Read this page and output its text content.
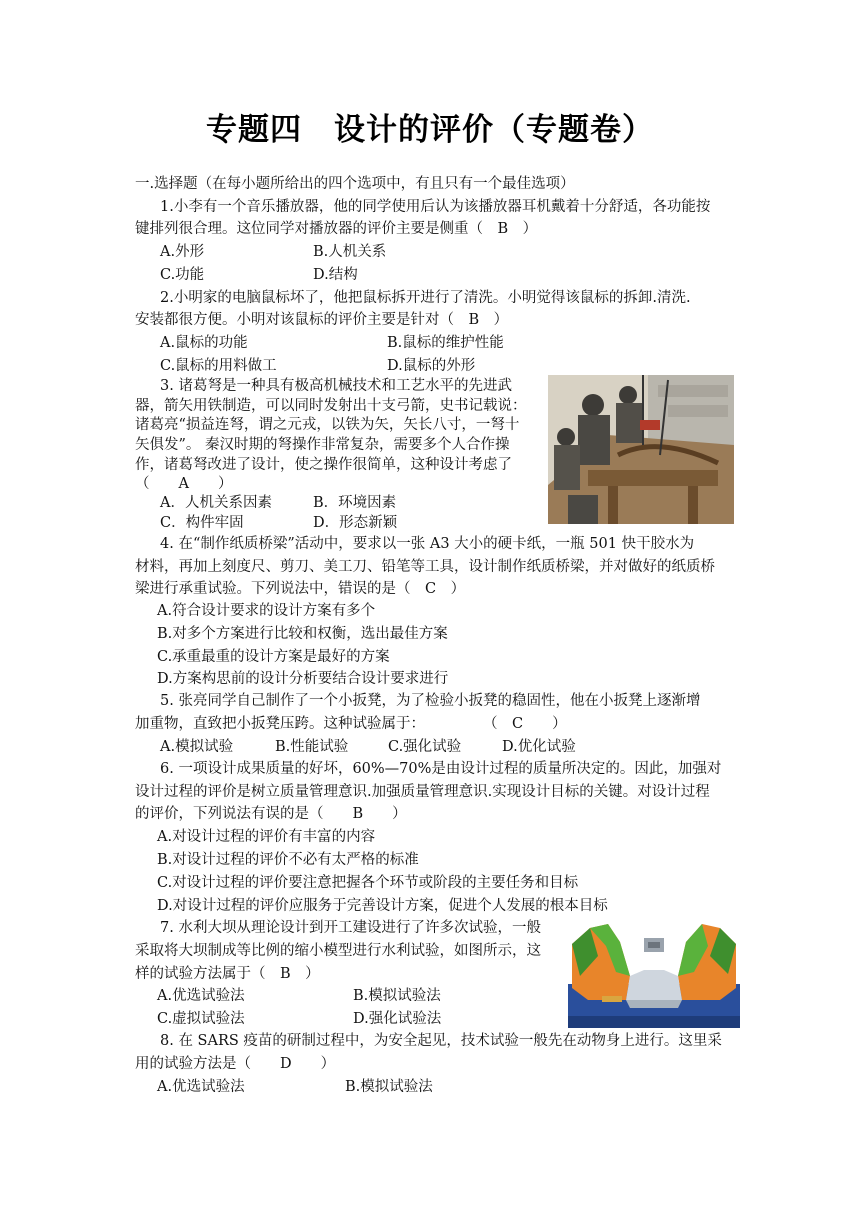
专题四　设计的评价（专题卷）
一.选择题（在每小题所给出的四个选项中，有且只有一个最佳选项）
1.小李有一个音乐播放器，他的同学使用后认为该播放器耳机戴着十分舒适，各功能按
键排列很合理。这位同学对播放器的评价主要是侧重（　B　）
A.外形	B.人机关系
C.功能	D.结构
2.小明家的电脑鼠标坏了，他把鼠标拆开进行了清洗。小明觉得该鼠标的拆卸.清洗.
安装都很方便。小明对该鼠标的评价主要是针对（　B　）
A.鼠标的功能	B.鼠标的维护性能
C.鼠标的用料做工	D.鼠标的外形
3. 诸葛弩是一种具有极高机械技术和工艺水平的先进武
器，箭矢用铁制造，可以同时发射出十支弓箭，史书记载说：
诸葛亮“损益连弩，谓之元戎，以铁为矢，矢长八寸，一弩十
矢俱发”。 秦汉时期的弩操作非常复杂，需要多个人合作操
作，诸葛弩改进了设计，使之操作很简单，这种设计考虑了
（　　A　　）
A．人机关系因素	B．环境因素
C．构件牢固	D．形态新颖
4. 在“制作纸质桥梁”活动中，要求以一张 A3 大小的硬卡纸，一瓶 501 快干胶水为
材料，再加上刻度尺、剪刀、美工刀、铅笔等工具，设计制作纸质桥梁，并对做好的纸质桥
梁进行承重试验。下列说法中，错误的是（　C　）
A.符合设计要求的设计方案有多个
B.对多个方案进行比较和权衡，选出最佳方案
C.承重最重的设计方案是最好的方案
D.方案构思前的设计分析要结合设计要求进行
5. 张亮同学自己制作了一个小扳凳，为了检验小扳凳的稳固性，他在小扳凳上逐渐增
加重物，直致把小扳凳压跨。这种试验属于：　　　　　（　C　　）
A.模拟试验	B.性能试验	C.强化试验	D.优化试验
6. 一项设计成果质量的好坏，60%—70%是由设计过程的质量所决定的。因此，加强对
设计过程的评价是树立质量管理意识.加强质量管理意识.实现设计目标的关键。对设计过程
的评价，下列说法有误的是（　　B　　）
A.对设计过程的评价有丰富的内容
B.对设计过程的评价不必有太严格的标准
C.对设计过程的评价要注意把握各个环节或阶段的主要任务和目标
D.对设计过程的评价应服务于完善设计方案，促进个人发展的根本目标
7. 水利大坝从理论设计到开工建设进行了许多次试验，一般
采取将大坝制成等比例的缩小模型进行水利试验，如图所示，这
样的试验方法属于（　B　）
A.优选试验法	B.模拟试验法
C.虚拟试验法	D.强化试验法
8. 在 SARS 疫苗的研制过程中，为安全起见，技术试验一般先在动物身上进行。这里采
用的试验方法是（　　D　　）
A.优选试验法	B.模拟试验法
